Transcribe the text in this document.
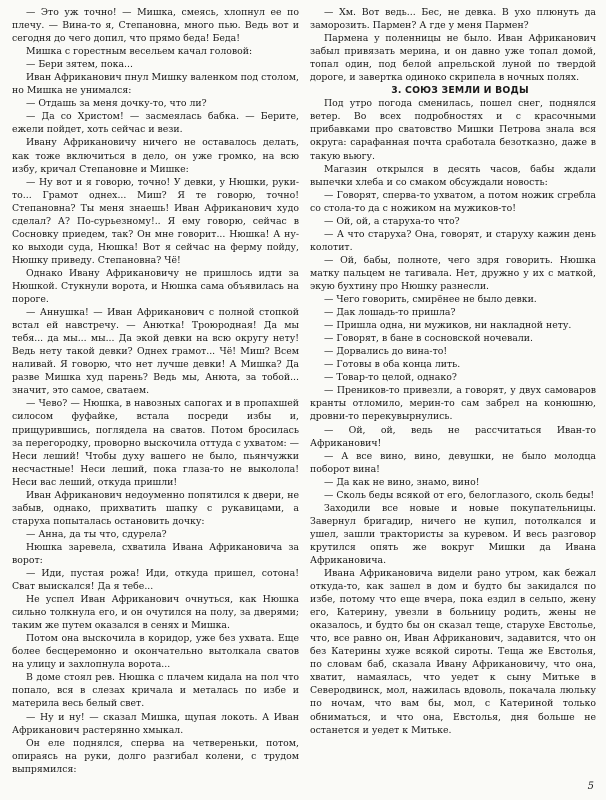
— Это уж точно! — Мишка, смеясь, хлопнул ее по плечу. — Вина-то я, Степановна, много пью. Ведь вот и сегодня до чего допил, что прямо беда! Беда!

Мишка с горестным весельем качал головой:

— Бери зятем, пока...

Иван Африканович пнул Мишку валенком под столом, но Мишка не унимался:

— Отдашь за меня дочку-то, что ли?

— Да со Христом! — засмеялась бабка. — Берите, ежели пойдет, хоть сейчас и вези.

Ивану Африкановичу ничего не оставалось делать, как тоже включиться в дело, он уже громко, на всю избу, кричал Степановне и Мишке:

— Ну вот и я говорю, точно! У девки, у Нюшки, руки-то... Грамот однех... Миш? Я те говорю, точно! Степановна? Ты меня знаешь! Иван Африканович худо сделал? А? По-сурьезному!.. Я ему говорю, сейчас в Сосновку приедем, так? Он мне говорит... Нюшка! А ну-ко выходи суда, Нюшка! Вот я сейчас на ферму пойду, Нюшку приведу. Степановна? Чё!

Однако Ивану Африкановичу не пришлось идти за Нюшкой. Стукнули ворота, и Нюшка сама объявилась на пороге.

— Аннушка! — Иван Африканович с полной стопкой встал ей навстречу. — Анютка! Троюродная! Да мы тебя... да мы... мы... Да экой девки на всю округу нету! Ведь нету такой девки? Однех грамот... Чё! Миш? Всем наливай. Я говорю, что нет лучше девки! А Мишка? Да разве Мишка худ парень? Ведь мы, Анюта, за тобой... значит, это самое, сватаем.

— Чево? — Нюшка, в навозных сапогах и в пропахшей силосом фуфайке, встала посреди избы и, прищурившись, поглядела на сватов. Потом бросилась за перегородку, проворно выскочила оттуда с ухватом: — Неси леший! Чтобы духу вашего не было, пьянчужки несчастные! Неси леший, пока глаза-то не выколола! Неси вас леший, откуда пришли!

Иван Африканович недоуменно попятился к двери, не забыв, однако, прихватить шапку с рукавицами, а старуха попыталась остановить дочку:

— Анна, да ты что, сдурела?

Нюшка заревела, схватила Ивана Африкановича за ворот:

— Иди, пустая рожа! Иди, откуда пришел, сотона! Сват выискался! Да я тебе...

Не успел Иван Африканович очнуться, как Нюшка сильно толкнула его, и он очутился на полу, за дверями; таким же путем оказался в сенях и Мишка.

Потом она выскочила в коридор, уже без ухвата. Еще более бесцеремонно и окончательно вытолкала сватов на улицу и захлопнула ворота...

В доме стоял рев. Нюшка с плачем кидала на пол что попало, вся в слезах кричала и металась по избе и материла весь белый свет.

— Ну и ну! — сказал Мишка, щупая локоть. А Иван Африканович растерянно хмыкал.

Он еле поднялся, сперва на четвереньки, потом, опираясь на руки, долго разгибал колени, с трудом выпрямился:

— Хм. Вот ведь... Бес, не девка. В ухо плюнуть да заморозить. Пармен? А где у меня Пармен?

Пармена у поленницы не было. Иван Африканович забыл привязать мерина, и он давно уже топал домой, топал один, под белой апрельской луной по твердой дороге, и завертка одиноко скрипела в ночных полях.

3. СОЮЗ ЗЕМЛИ И ВОДЫ

Под утро погода сменилась, пошел снег, поднялся ветер. Во всех подробностях и с красочными прибавками про сватовство Мишки Петрова знала вся округа: сарафанная почта сработала безотказно, даже в такую вьюгу.

Магазин открылся в десять часов, бабы ждали выпечки хлеба и со смаком обсуждали новость:

— Говорят, сперва-то ухватом, а потом ножик сгребла со стола-то да с ножиком на мужиков-то!

— Ой, ой, а старуха-то что?

— А что старуха? Она, говорят, и старуху кажин день колотит.

— Ой, бабы, полноте, чего здря говорить. Нюшка матку пальцем не тагивала. Нет, дружно у их с маткой, экую бухтину про Нюшку разнесли.

— Чего говорить, смирёнее не было девки.

— Дак лошадь-то пришла?

— Пришла одна, ни мужиков, ни накладной нету.

— Говорят, в бане в сосновской ночевали.

— Дорвались до вина-то!

— Готовы в оба конца лить.

— Товар-то целой, однако?

— Преников-то привезли, а говорят, у двух самоваров кранты отломило, мерин-то сам забрел на конюшню, дровни-то перекувырнулись.

— Ой, ой, ведь не рассчитаться Иван-то Африканович!

— А все вино, вино, девушки, не было молодца поборот вина!

— Да как не вино, знамо, вино!

— Сколь беды всякой от его, белоглазого, сколь беды!

Заходили все новые и новые покупательницы. Завернул бригадир, ничего не купил, потолкался и ушел, зашли трактористы за куревом. И весь разговор крутился опять же вокруг Мишки да Ивана Африкановича.

Ивана Африкановича видели рано утром, как бежал откуда-то, как зашел в дом и будто бы закидался по избе, потому что еще вчера, пока ездил в сельпо, жену его, Катерину, увезли в больницу родить, жены не оказалось, и будто бы он сказал теще, старухе Евстолье, что, все равно он, Иван Африканович, задавится, что он без Катерины хуже всякой сироты. Теща же Евстолья, по словам баб, сказала Ивану Африкановичу, что она, хватит, намаялась, что уедет к сыну Митьке в Северодвинск, мол, нажилась вдоволь, покачала люльку по ночам, что вам бы, мол, с Катериной только обниматься, и что она, Евстолья, дня больше не останется и уедет к Митьке.

5
